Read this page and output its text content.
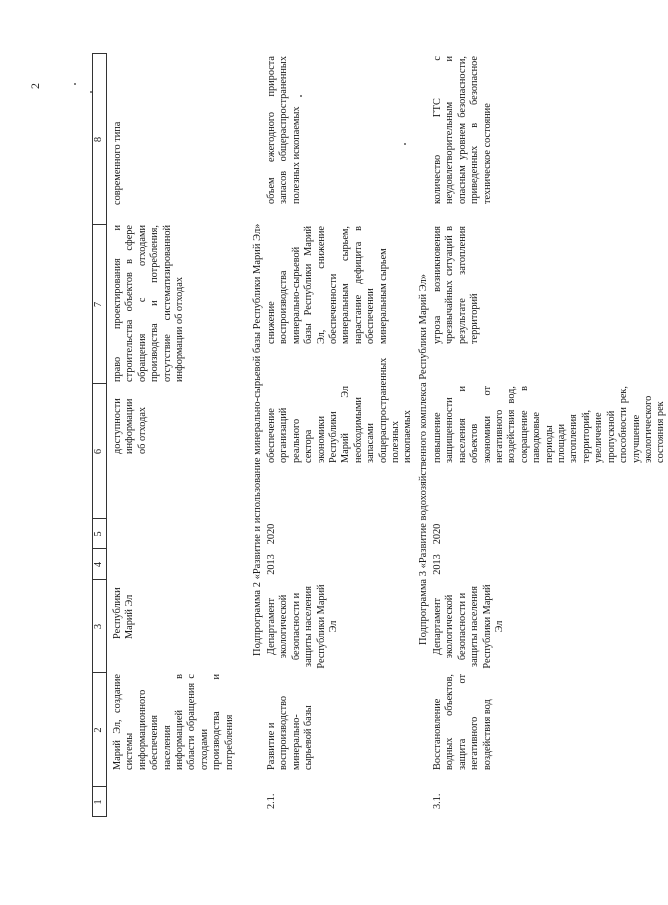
2
1
2
3
4
5
6
7
8
Марий Эл, создание системы информационного обеспечения населения информацией в области обращения с отходами производства и потребления
Республики Марий Эл
доступности информации об отходах
право проектирования и строительства объектов в сфере обращения с отходами производства и потребления, отсутствие систематизированной информации об отходах
современного типа
Подпрограмма 2 «Развитие и использование минерально-сырьевой базы Республики Марий Эл»
2.1.
Развитие и воспроизводство минерально-сырьевой базы
Департамент экологической безопасности и защиты населения Республики Марий Эл
2013
2020
обеспечение организаций реального сектора экономики Республики Марий Эл необходимыми запасами общераспространенных полезных ископаемых
снижение воспроизводства минерально-сырьевой базы Республики Марий Эл, снижение обеспеченности минеральным сырьем, нарастание дефицита в обеспечении минеральным сырьем
объем ежегодного прироста запасов общераспространенных полезных ископаемых
Подпрограмма 3 «Развитие водохозяйственного комплекса Республики Марий Эл»
3.1.
Восстановление водных объектов, защита от негативного воздействия вод
Департамент экологической безопасности и защиты населения Республики Марий Эл
2013
2020
повышение защищенности населения и объектов экономики от негативного воздействия вод, сокращение в паводковые периоды площади затопления территорий, увеличение пропускной способности рек, улучшение экологического состояния рек
угроза возникновения чрезвычайных ситуаций в результате затопления территорий
количество ГТС с неудовлетворительным и опасным уровнем безопасности, приведенных в безопасное техническое состояние
